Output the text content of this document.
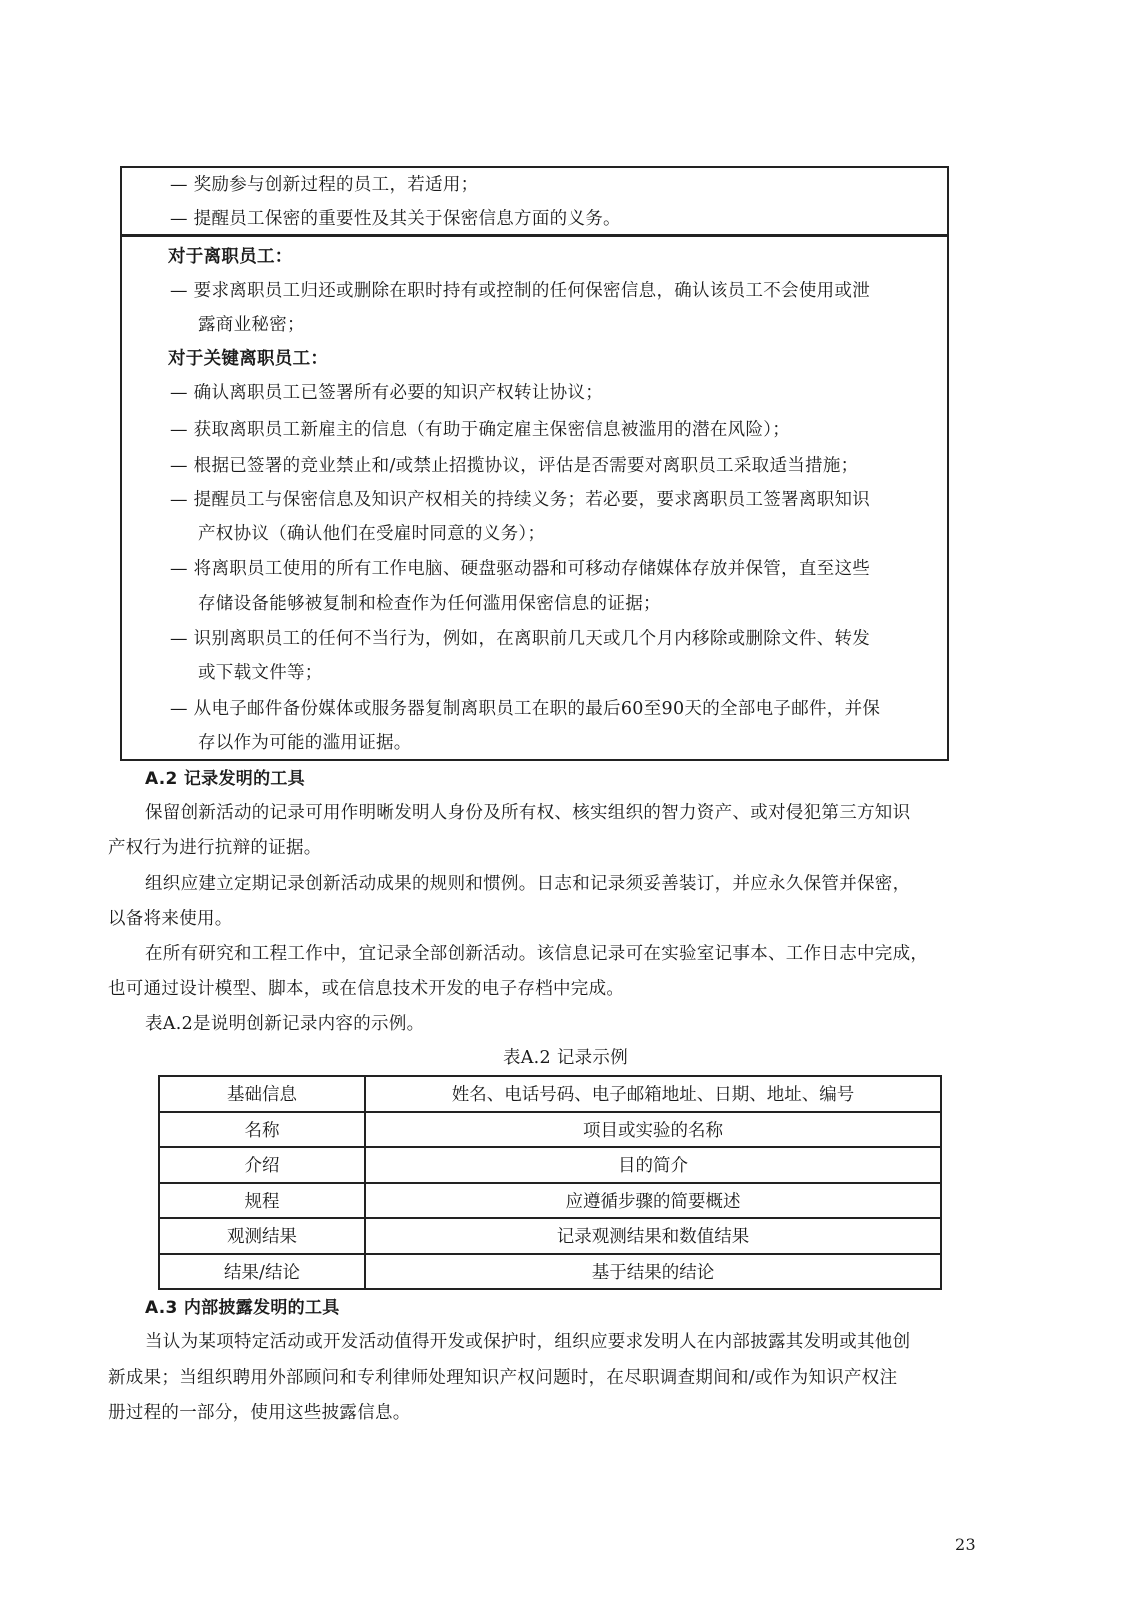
— 奖励参与创新过程的员工，若适用；
— 提醒员工保密的重要性及其关于保密信息方面的义务。
对于离职员工：
— 要求离职员工归还或删除在职时持有或控制的任何保密信息，确认该员工不会使用或泄
露商业秘密；
对于关键离职员工：
— 确认离职员工已签署所有必要的知识产权转让协议；
— 获取离职员工新雇主的信息（有助于确定雇主保密信息被滥用的潜在风险）；
— 根据已签署的竞业禁止和/或禁止招揽协议，评估是否需要对离职员工采取适当措施；
— 提醒员工与保密信息及知识产权相关的持续义务；若必要，要求离职员工签署离职知识
产权协议（确认他们在受雇时同意的义务）；
— 将离职员工使用的所有工作电脑、硬盘驱动器和可移动存储媒体存放并保管，直至这些
存储设备能够被复制和检查作为任何滥用保密信息的证据；
— 识别离职员工的任何不当行为，例如，在离职前几天或几个月内移除或删除文件、转发
或下载文件等；
— 从电子邮件备份媒体或服务器复制离职员工在职的最后60至90天的全部电子邮件，并保
存以作为可能的滥用证据。
A.2 记录发明的工具
保留创新活动的记录可用作明晰发明人身份及所有权、核实组织的智力资产、或对侵犯第三方知识
产权行为进行抗辩的证据。
组织应建立定期记录创新活动成果的规则和惯例。日志和记录须妥善装订，并应永久保管并保密，
以备将来使用。
在所有研究和工程工作中，宜记录全部创新活动。该信息记录可在实验室记事本、工作日志中完成，
也可通过设计模型、脚本，或在信息技术开发的电子存档中完成。
表A.2是说明创新记录内容的示例。
表A.2 记录示例
基础信息	姓名、电话号码、电子邮箱地址、日期、地址、编号
名称	项目或实验的名称
介绍	目的简介
规程	应遵循步骤的简要概述
观测结果	记录观测结果和数值结果
结果/结论	基于结果的结论
A.3 内部披露发明的工具
当认为某项特定活动或开发活动值得开发或保护时，组织应要求发明人在内部披露其发明或其他创
新成果；当组织聘用外部顾问和专利律师处理知识产权问题时，在尽职调查期间和/或作为知识产权注
册过程的一部分，使用这些披露信息。
23
